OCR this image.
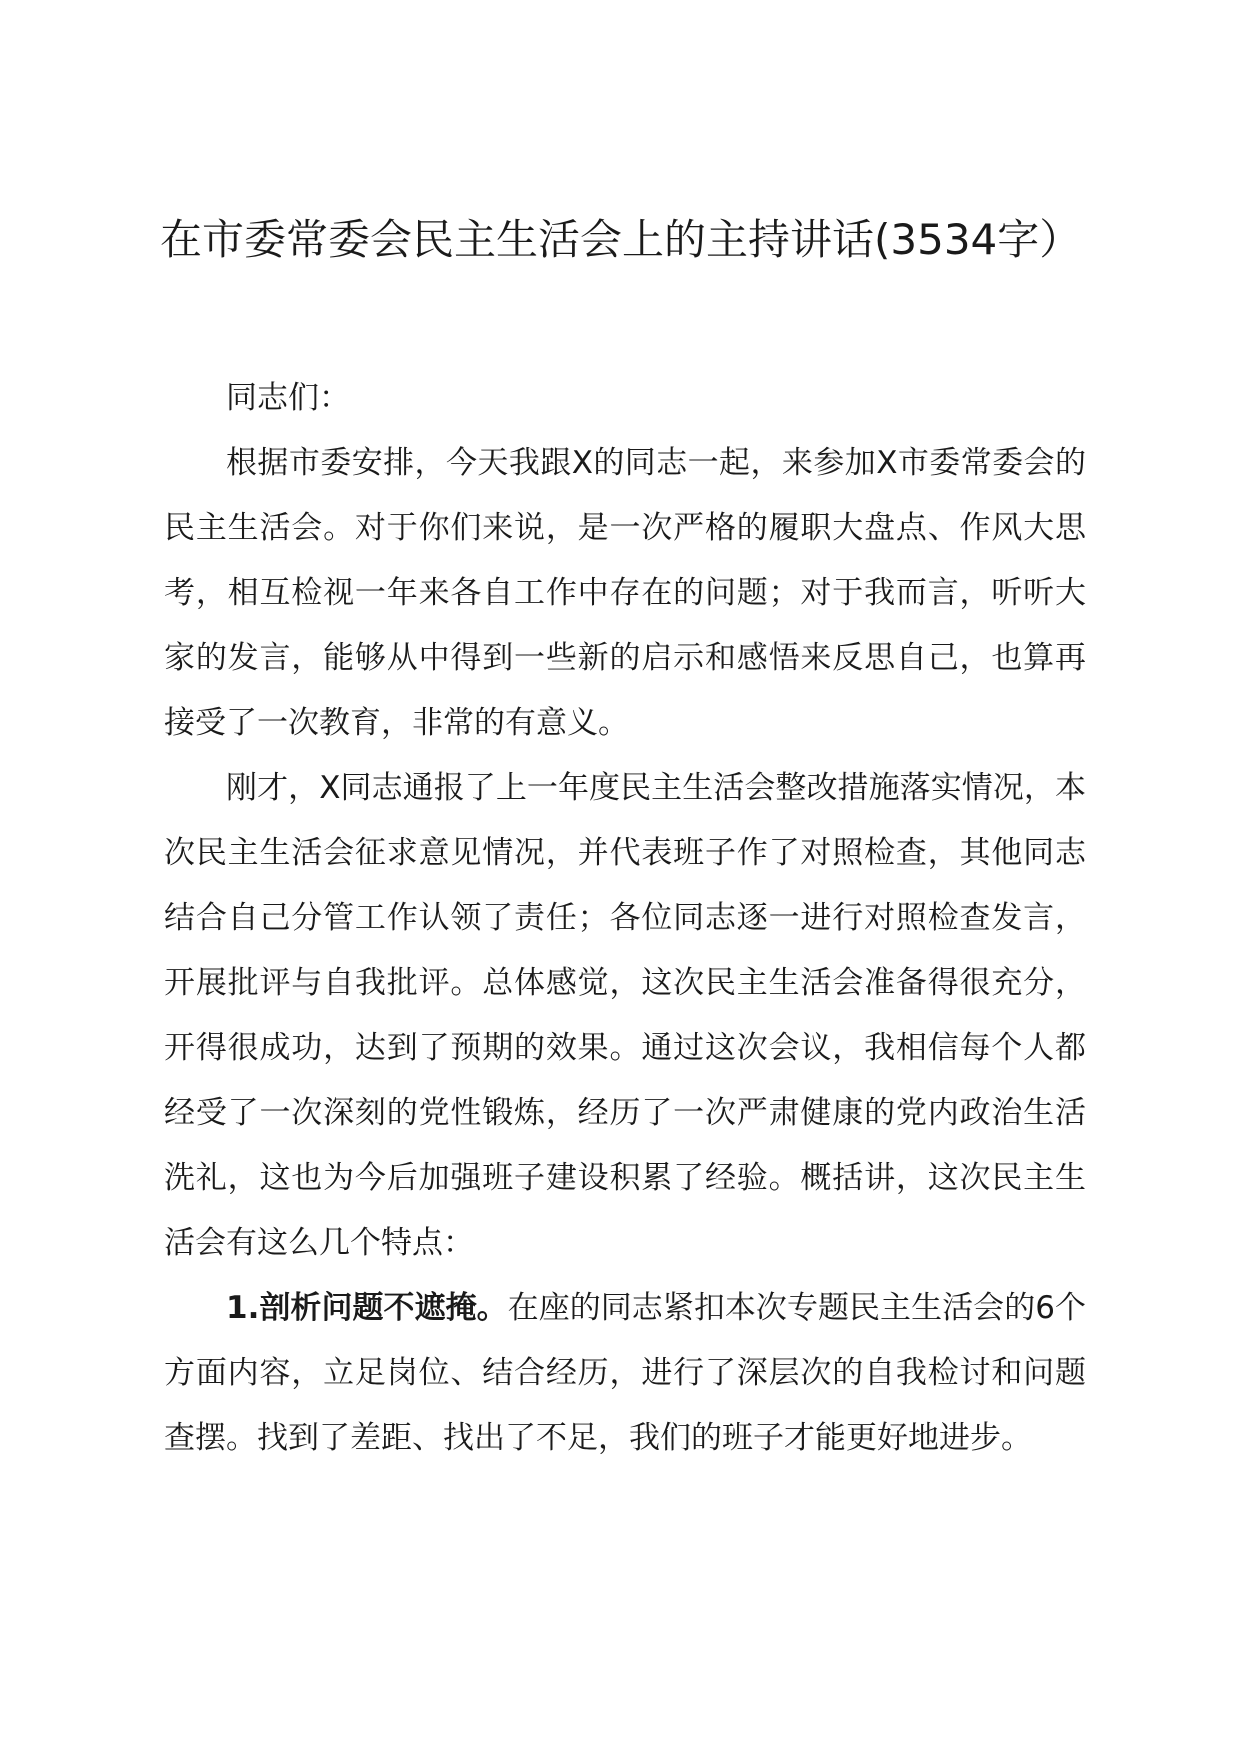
在市委常委会民主生活会上的主持讲话(3534字）

同志们：

根据市委安排，今天我跟X的同志一起，来参加X市委常委会的民主生活会。对于你们来说，是一次严格的履职大盘点、作风大思考，相互检视一年来各自工作中存在的问题；对于我而言，听听大家的发言，能够从中得到一些新的启示和感悟来反思自己，也算再接受了一次教育，非常的有意义。

刚才，X同志通报了上一年度民主生活会整改措施落实情况，本次民主生活会征求意见情况，并代表班子作了对照检查，其他同志结合自己分管工作认领了责任；各位同志逐一进行对照检查发言，开展批评与自我批评。总体感觉，这次民主生活会准备得很充分，开得很成功，达到了预期的效果。通过这次会议，我相信每个人都经受了一次深刻的党性锻炼，经历了一次严肃健康的党内政治生活洗礼，这也为今后加强班子建设积累了经验。概括讲，这次民主生活会有这么几个特点：

1.剖析问题不遮掩。在座的同志紧扣本次专题民主生活会的6个方面内容，立足岗位、结合经历，进行了深层次的自我检讨和问题查摆。找到了差距、找出了不足，我们的班子才能更好地进步。
